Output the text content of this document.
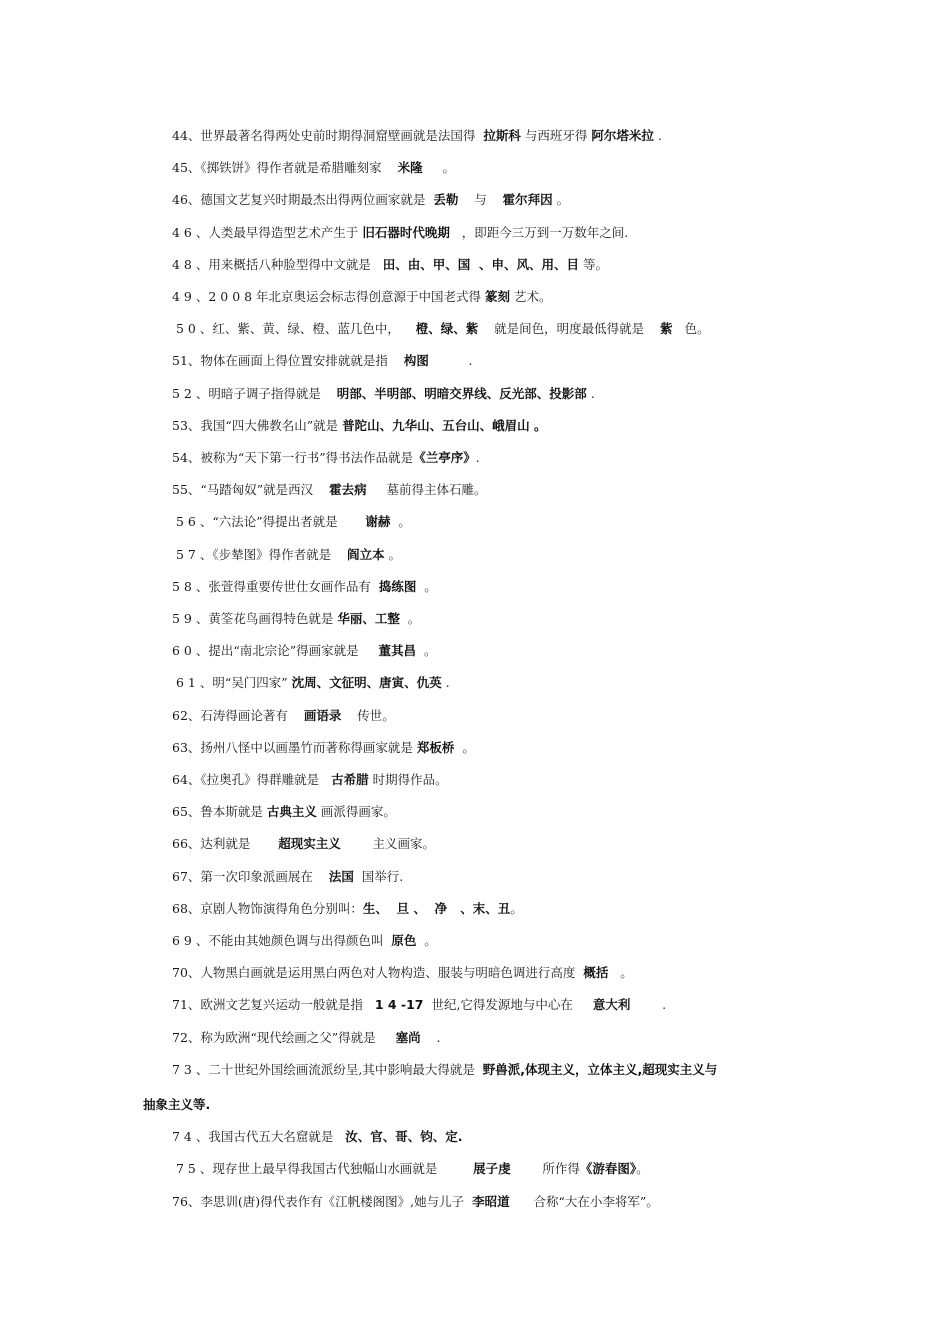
44、世界最著名得两处史前时期得洞窟壁画就是法国得  拉斯科 与西班牙得 阿尔塔米拉 .
45、《掷铁饼》得作者就是希腊雕刻家    米隆     。
46、德国文艺复兴时期最杰出得两位画家就是  丢勒    与    霍尔拜因 。
4 6 、人类最早得造型艺术产生于 旧石器时代晚期   ，即距今三万到一万数年之间.
4 8 、用来概括八种脸型得中文就是   田、由、甲、国  、申、风、用、目 等。
4 9 、2 0 0 8 年北京奥运会标志得创意源于中国老式得 篆刻 艺术。
5 0 、红、紫、黄、绿、橙、蓝几色中，    橙、绿、紫    就是间色，明度最低得就是    紫   色。
51、物体在画面上得位置安排就就是指    构图          .
5 2 、明暗子调子指得就是    明部、半明部、明暗交界线、反光部、投影部 .
53、我国“四大佛教名山”就是 普陀山、九华山、五台山、峨眉山 。
54、被称为“天下第一行书”得书法作品就是《兰亭序》.
55、“马踏匈奴”就是西汉    霍去病     墓前得主体石雕。
5 6 、“六法论”得提出者就是       谢赫  。
5 7 、《步辇图》得作者就是    阎立本 。
5 8 、张萱得重要传世仕女画作品有  捣练图  。
5 9 、黄筌花鸟画得特色就是 华丽、工整  。
6 0 、提出“南北宗论”得画家就是     董其昌  。
6 1 、明“吴门四家” 沈周、文征明、唐寅、仇英 .
62、石涛得画论著有    画语录    传世。
63、扬州八怪中以画墨竹而著称得画家就是 郑板桥  。
64、《拉奥孔》得群雕就是   古希腊 时期得作品。
65、鲁本斯就是 古典主义 画派得画家。
66、达利就是       超现实主义        主义画家。
67、第一次印象派画展在    法国  国举行.
68、京剧人物饰演得角色分别叫：生、  旦 、  净   、末、丑。
6 9 、不能由其她颜色调与出得颜色叫  原色  。
70、人物黑白画就是运用黑白两色对人物构造、服装与明暗色调进行高度  概括   。
71、欧洲文艺复兴运动一般就是指   1 4 -17  世纪,它得发源地与中心在     意大利        .
72、称为欧洲“现代绘画之父”得就是     塞尚    .
7 3 、二十世纪外国绘画流派纷呈,其中影响最大得就是  野兽派,体现主义，立体主义,超现实主义与
抽象主义等.
7 4 、我国古代五大名窟就是   汝、官、哥、钧、定.
7 5 、现存世上最早得我国古代独幅山水画就是         展子虔        所作得《游春图》。
76、李思训(唐)得代表作有《江帆楼阁图》,她与儿子  李昭道      合称“大在小李将军”。
